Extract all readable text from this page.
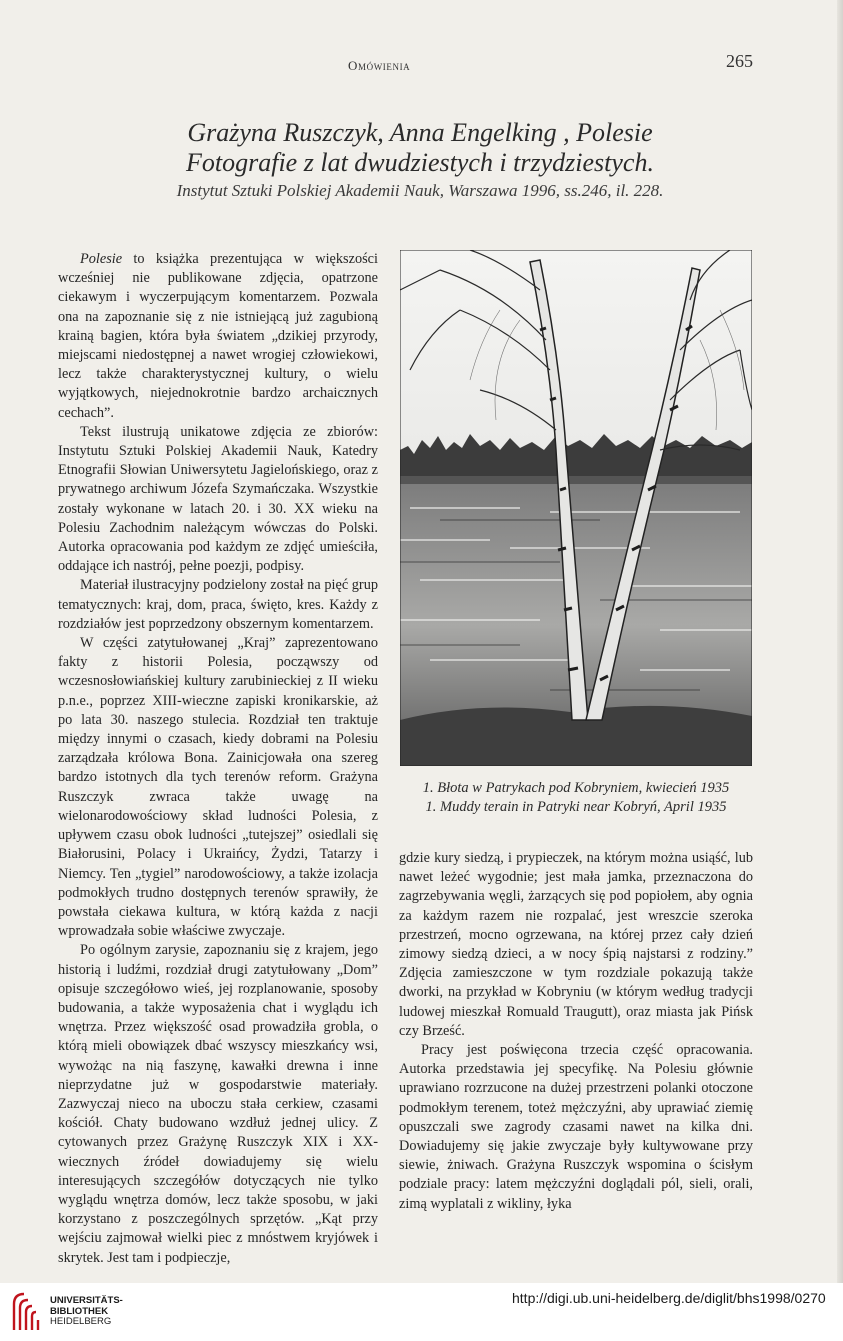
Omówienia	265
Grażyna Ruszczyk, Anna Engelking , Polesie
Fotografie z lat dwudziestych i trzydziestych.
Instytut Sztuki Polskiej Akademii Nauk, Warszawa 1996, ss.246, il. 228.

Polesie to książka prezentująca w większości wcześniej nie publikowane zdjęcia, opatrzone ciekawym i wyczerpującym komentarzem. Pozwala ona na zapoznanie się z nie istniejącą już zagubioną krainą bagien, która była światem „dzikiej przyrody, miejscami niedostępnej a nawet wrogiej człowiekowi, lecz także charakterystycznej kultury, o wielu wyjątkowych, niejednokrotnie bardzo archaicznych cechach”.

Tekst ilustrują unikatowe zdjęcia ze zbiorów: Instytutu Sztuki Polskiej Akademii Nauk, Katedry Etnografii Słowian Uniwersytetu Jagielońskiego, oraz z prywatnego archiwum Józefa Szymańczaka. Wszystkie zostały wykonane w latach 20. i 30. XX wieku na Polesiu Zachodnim należącym wówczas do Polski. Autorka opracowania pod każdym ze zdjęć umieściła, oddające ich nastrój, pełne poezji, podpisy.

Materiał ilustracyjny podzielony został na pięć grup tematycznych: kraj, dom, praca, święto, kres. Każdy z rozdziałów jest poprzedzony obszernym komentarzem.

W części zatytułowanej „Kraj” zaprezentowano fakty z historii Polesia, począwszy od wczesnosłowiańskiej kultury zarubinieckiej z II wieku p.n.e., poprzez XIII-wieczne zapiski kronikarskie, aż po lata 30. naszego stulecia. Rozdział ten traktuje między innymi o czasach, kiedy dobrami na Polesiu zarządzała królowa Bona. Zainicjowała ona szereg bardzo istotnych dla tych terenów reform. Grażyna Ruszczyk zwraca także uwagę na wielonarodowościowy skład ludności Polesia, z upływem czasu obok ludności „tutejszej” osiedlali się Białorusini, Polacy i Ukraińcy, Żydzi, Tatarzy i Niemcy. Ten „tygiel” narodowościowy, a także izolacja podmokłych trudno dostępnych terenów sprawiły, że powstała ciekawa kultura, w którą każda z nacji wprowadzała sobie właściwe zwyczaje.

Po ogólnym zarysie, zapoznaniu się z krajem, jego historią i ludźmi, rozdział drugi zatytułowany „Dom” opisuje szczegółowo wieś, jej rozplanowanie, sposoby budowania, a także wyposażenia chat i wyglądu ich wnętrza. Przez większość osad prowadziła grobla, o którą mieli obowiązek dbać wszyscy mieszkańcy wsi, wywożąc na nią faszynę, kawałki drewna i inne nieprzydatne już w gospodarstwie materiały. Zazwyczaj nieco na uboczu stała cerkiew, czasami kościół. Chaty budowano wzdłuż jednej ulicy. Z cytowanych przez Grażynę Ruszczyk XIX i XX-wiecznych źródeł dowiadujemy się wielu interesujących szczegółów dotyczących nie tylko wyglądu wnętrza domów, lecz także sposobu, w jaki korzystano z poszczególnych sprzętów. „Kąt przy wejściu zajmował wielki piec z mnóstwem kryjówek i skrytek. Jest tam i podpieczje,

1. Błota w Patrykach pod Kobryniem, kwiecień 1935
1. Muddy terain in Patryki near Kobryń, April 1935

gdzie kury siedzą, i prypieczek, na którym można usiąść, lub nawet leżeć wygodnie; jest mała jamka, przeznaczona do zagrzebywania węgli, żarzących się pod popiołem, aby ognia za każdym razem nie rozpalać, jest wreszcie szeroka przestrzeń, mocno ogrzewana, na której przez cały dzień zimowy siedzą dzieci, a w nocy śpią najstarsi z rodziny.” Zdjęcia zamieszczone w tym rozdziale pokazują także dworki, na przykład w Kobryniu (w którym według tradycji ludowej mieszkał Romuald Traugutt), oraz miasta jak Pińsk czy Brześć.

Pracy jest poświęcona trzecia część opracowania. Autorka przedstawia jej specyfikę. Na Polesiu głównie uprawiano rozrzucone na dużej przestrzeni polanki otoczone podmokłym terenem, toteż mężczyźni, aby uprawiać ziemię opuszczali swe zagrody czasami nawet na kilka dni. Dowiadujemy się jakie zwyczaje były kultywowane przy siewie, żniwach. Grażyna Ruszczyk wspomina o ścisłym podziale pracy: latem mężczyźni doglądali pól, sieli, orali, zimą wyplatali z wikliny, łyka

UNIVERSITÄTS-
BIBLIOTHEK
HEIDELBERG
http://digi.ub.uni-heidelberg.de/diglit/bhs1998/0270
